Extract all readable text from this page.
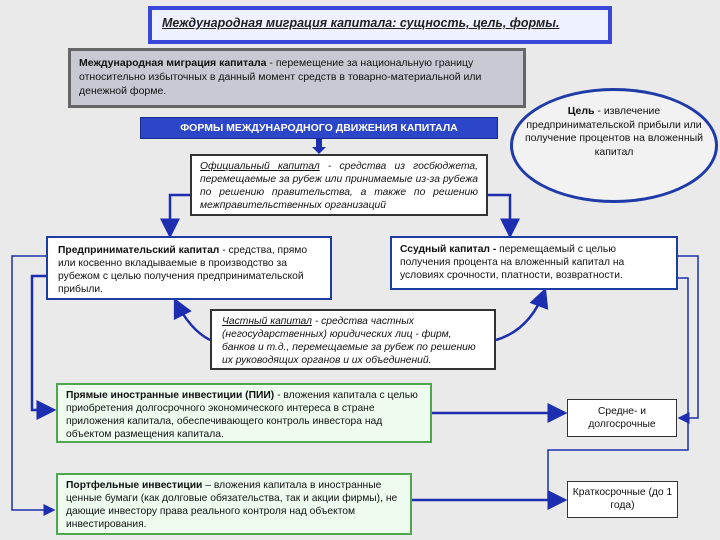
Международная миграция капитала: сущность, цель, формы.
Международная миграция капитала - перемещение за национальную границу относительно избыточных в данный момент средств в товарно-материальной или денежной форме.
ФОРМЫ МЕЖДУНАРОДНОГО ДВИЖЕНИЯ КАПИТАЛА
Цель - извлечение предпринимательской прибыли или получение процентов на вложенный капитал
Официальный капитал - средства из госбюджета, перемещаемые за рубеж или принимаемые из-за рубежа по решению правительства, а также по решению межправительственных организаций
Предпринимательский капитал - средства, прямо или косвенно вкладываемые в производство за рубежом с целью получения предпринимательской прибыли.
Ссудный капитал - перемещаемый с целью получения процента на вложенный капитал на условиях срочности, платности, возвратности.
Частный капитал - средства частных (негосударственных) юридических лиц - фирм, банков и т.д., перемещаемые за рубеж по решению их руководящих органов и их объединений.
Прямые иностранные инвестиции (ПИИ) - вложения капитала с целью приобретения долгосрочного экономического интереса в стране приложения капитала, обеспечивающего контроль инвестора над объектом размещения капитала.
Портфельные инвестиции – вложения капитала в иностранные ценные бумаги (как долговые обязательства, так и акции фирмы), не дающие инвестору права реального контроля над объектом инвестирования.
Средне- и долгосрочные
Краткосрочные (до 1 года)
